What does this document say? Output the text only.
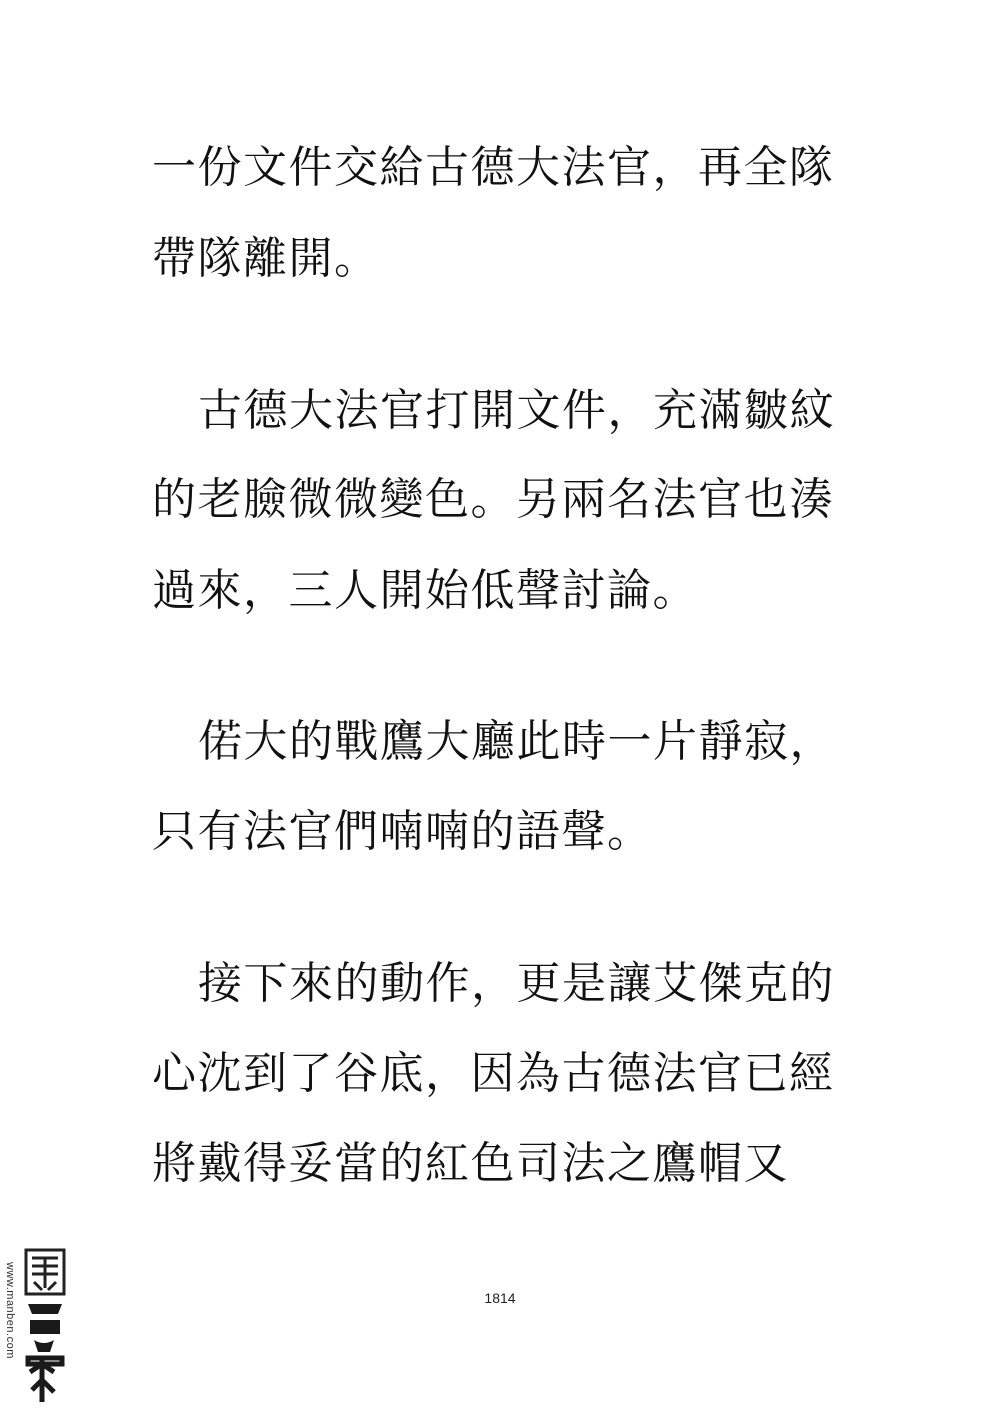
一份文件交給古德大法官，再全隊
帶隊離開。
古德大法官打開文件，充滿皺紋
的老臉微微變色。另兩名法官也湊
過來，三人開始低聲討論。
偌大的戰鷹大廳此時一片靜寂，
只有法官們喃喃的語聲。
接下來的動作，更是讓艾傑克的
心沈到了谷底，因為古德法官已經
將戴得妥當的紅色司法之鷹帽又
1814
www.manben.com
